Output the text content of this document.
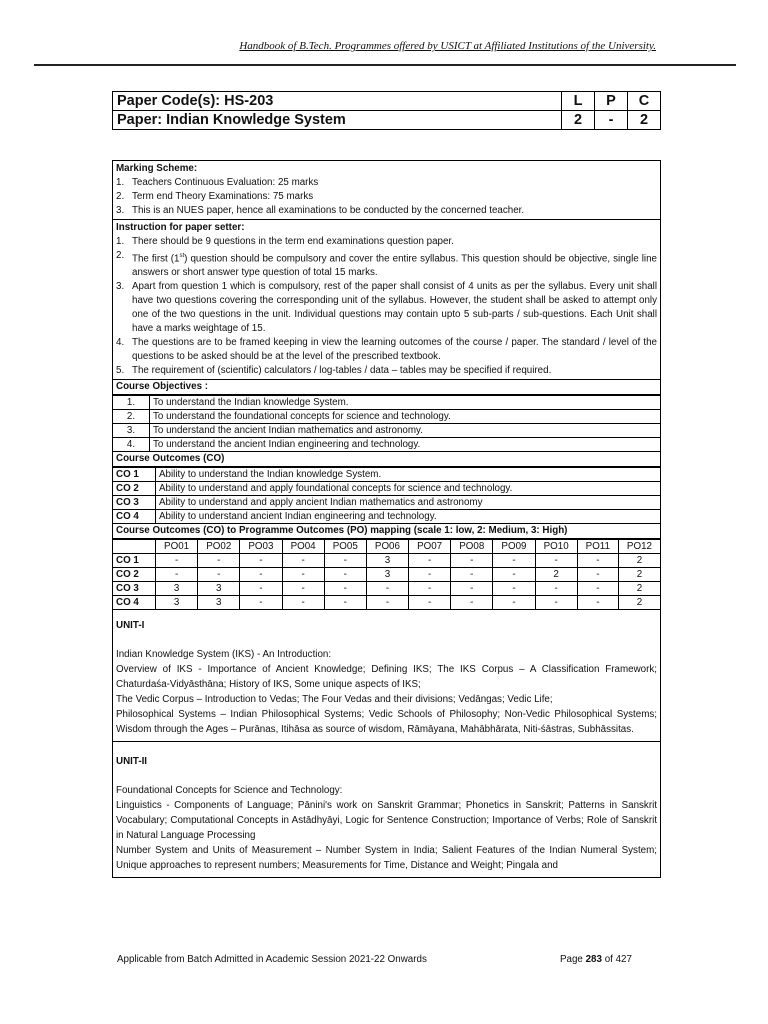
Handbook of B.Tech. Programmes offered by USICT at Affiliated Institutions of the University.
Paper Code(s): HS-203	L	P	C
Paper: Indian Knowledge System	2	-	2
Marking Scheme:
1. Teachers Continuous Evaluation: 25 marks
2. Term end Theory Examinations: 75 marks
3. This is an NUES paper, hence all examinations to be conducted by the concerned teacher.
Instruction for paper setter:
1. There should be 9 questions in the term end examinations question paper.
2. The first (1st) question should be compulsory and cover the entire syllabus. This question should be objective, single line answers or short answer type question of total 15 marks.
3. Apart from question 1 which is compulsory, rest of the paper shall consist of 4 units as per the syllabus. Every unit shall have two questions covering the corresponding unit of the syllabus. However, the student shall be asked to attempt only one of the two questions in the unit. Individual questions may contain upto 5 sub-parts / sub-questions. Each Unit shall have a marks weightage of 15.
4. The questions are to be framed keeping in view the learning outcomes of the course / paper. The standard / level of the questions to be asked should be at the level of the prescribed textbook.
5. The requirement of (scientific) calculators / log-tables / data – tables may be specified if required.
Course Objectives :
1.	To understand the Indian knowledge System.
2.	To understand the foundational concepts for science and technology.
3.	To understand the ancient Indian mathematics and astronomy.
4.	To understand the ancient Indian engineering and technology.
Course Outcomes (CO)
CO 1	Ability to understand the Indian knowledge System.
CO 2	Ability to understand and apply foundational concepts for science and technology.
CO 3	Ability to understand and apply ancient Indian mathematics and astronomy
CO 4	Ability to understand ancient Indian engineering and technology.
Course Outcomes (CO) to Programme Outcomes (PO) mapping (scale 1: low, 2: Medium, 3: High)
	PO01	PO02	PO03	PO04	PO05	PO06	PO07	PO08	PO09	PO10	PO11	PO12
CO 1	-	-	-	-	-	3	-	-	-	-	-	2
CO 2	-	-	-	-	-	3	-	-	-	2	-	2
CO 3	3	3	-	-	-	-	-	-	-	-	-	2
CO 4	3	3	-	-	-	-	-	-	-	-	-	2

UNIT-I

Indian Knowledge System (IKS) - An Introduction:

Overview of IKS - Importance of Ancient Knowledge; Defining IKS; The IKS Corpus – A Classification Framework; Chaturdaśa-Vidyāsthāna; History of IKS, Some unique aspects of IKS;

The Vedic Corpus – Introduction to Vedas; The Four Vedas and their divisions; Vedāngas; Vedic Life;

Philosophical Systems – Indian Philosophical Systems; Vedic Schools of Philosophy; Non-Vedic Philosophical Systems; Wisdom through the Ages – Purānas, Itihāsa as source of wisdom, Rāmāyana, Mahābhārata, Niti-śāstras, Subhāssitas.

UNIT-II

Foundational Concepts for Science and Technology:

Linguistics - Components of Language; Pānini's work on Sanskrit Grammar; Phonetics in Sanskrit; Patterns in Sanskrit Vocabulary; Computational Concepts in Astādhyāyi, Logic for Sentence Construction; Importance of Verbs; Role of Sanskrit in Natural Language Processing

Number System and Units of Measurement – Number System in India; Salient Features of the Indian Numeral System; Unique approaches to represent numbers; Measurements for Time, Distance and Weight; Pingala and

Applicable from Batch Admitted in Academic Session 2021-22 Onwards	Page 283 of 427
